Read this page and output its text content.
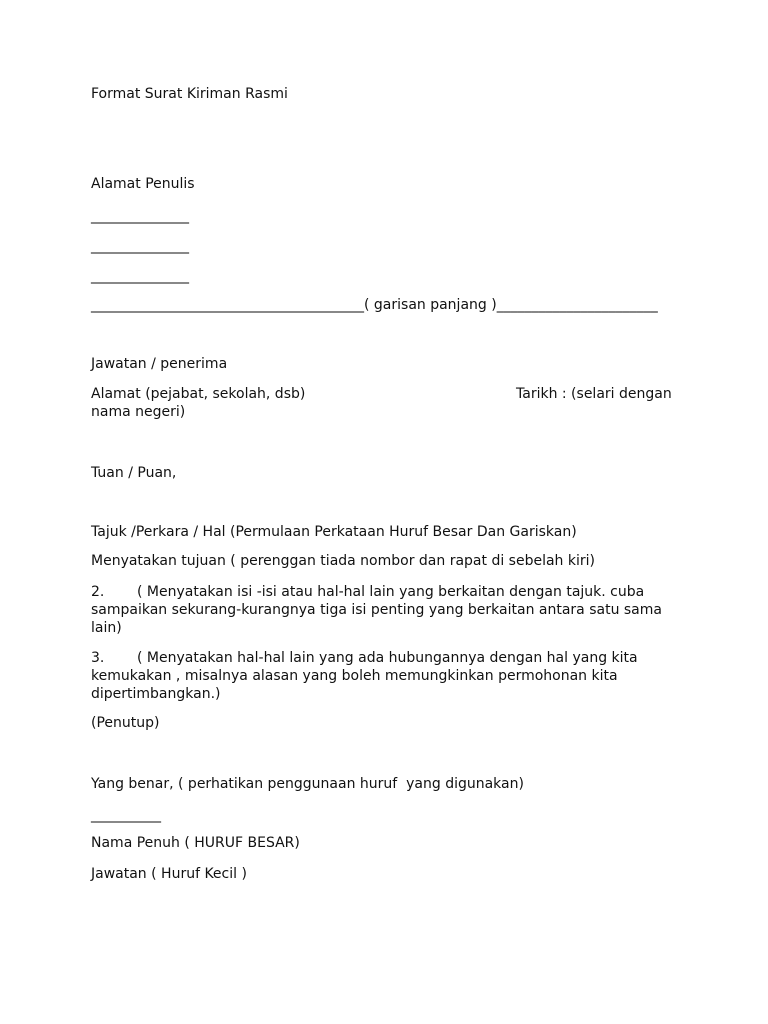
Format Surat Kiriman Rasmi
Alamat Penulis
______________
______________
______________
_______________________________________( garisan panjang )_______________________
Jawatan / penerima
Alamat (pejabat, sekolah, dsb)	Tarikh : (selari dengan
nama negeri)
Tuan / Puan,
Tajuk /Perkara / Hal (Permulaan Perkataan Huruf Besar Dan Gariskan)
Menyatakan tujuan ( perenggan tiada nombor dan rapat di sebelah kiri)
2. ( Menyatakan isi -isi atau hal-hal lain yang berkaitan dengan tajuk. cuba sampaikan sekurang-kurangnya tiga isi penting yang berkaitan antara satu sama lain)
3. ( Menyatakan hal-hal lain yang ada hubungannya dengan hal yang kita kemukakan , misalnya alasan yang boleh memungkinkan permohonan kita dipertimbangkan.)
(Penutup)
Yang benar, ( perhatikan penggunaan huruf  yang digunakan)
__________
Nama Penuh ( HURUF BESAR)
Jawatan ( Huruf Kecil )
